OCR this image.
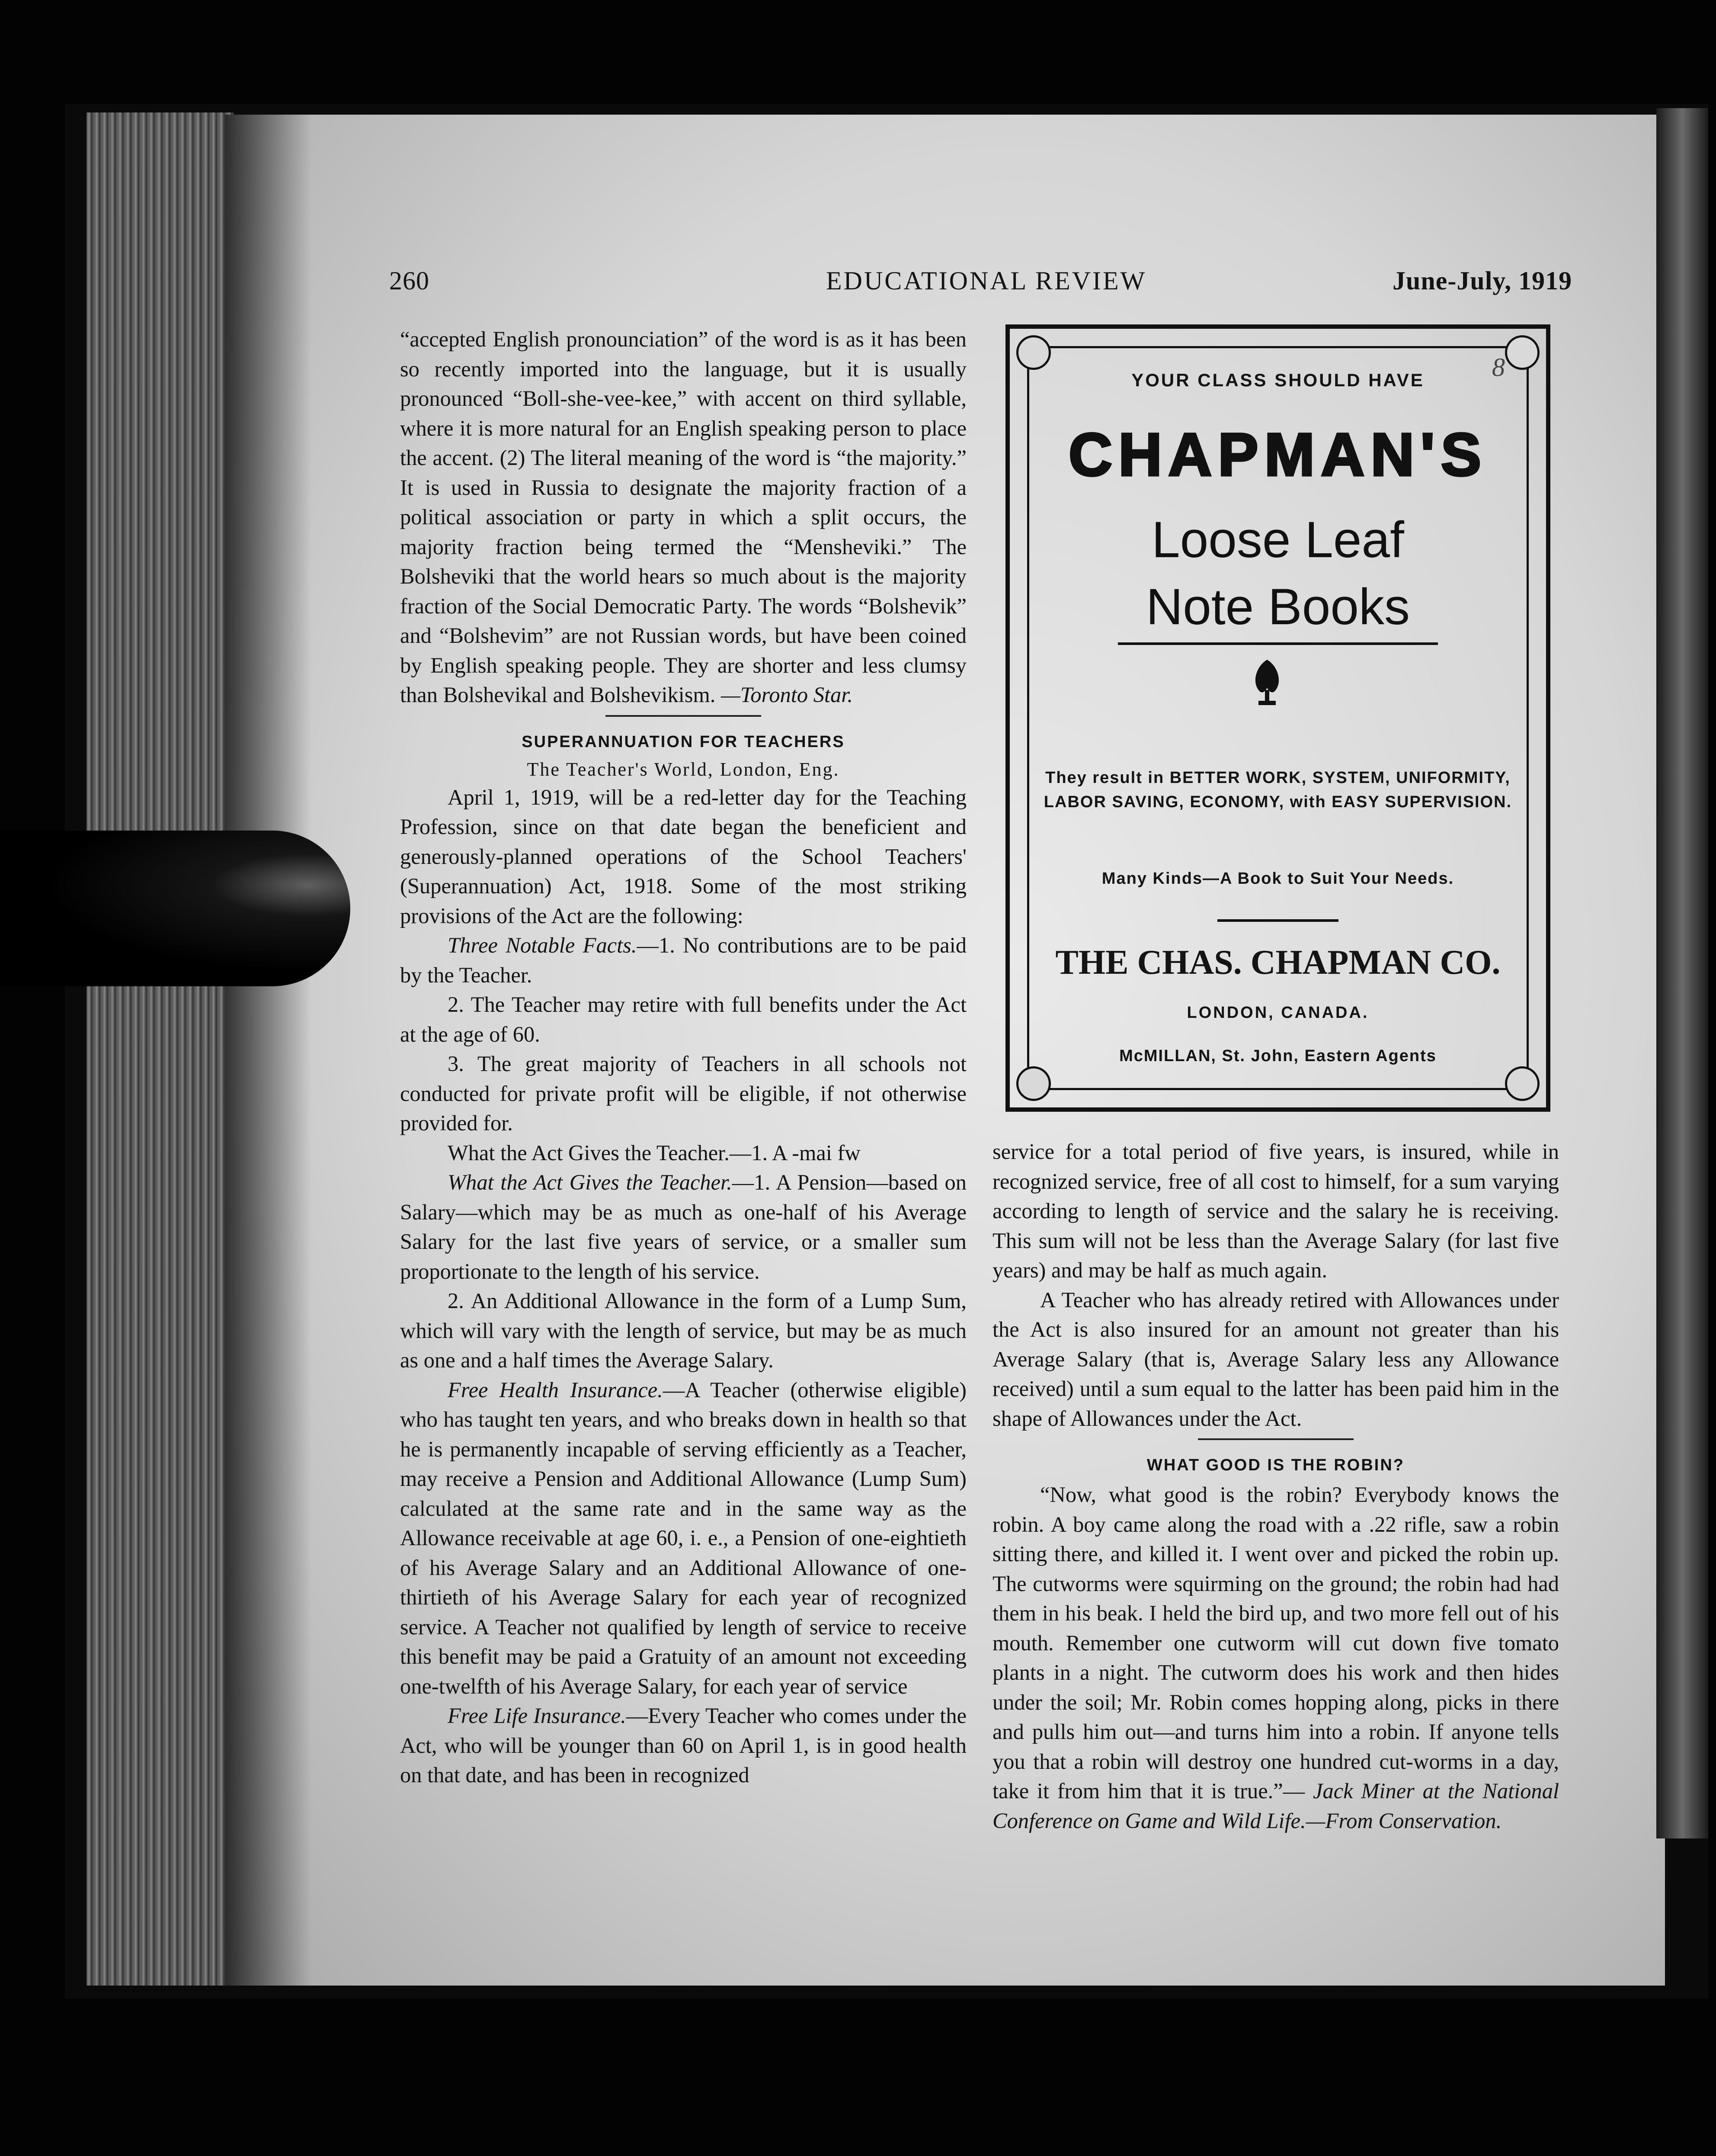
260	EDUCATIONAL REVIEW	June-July, 1919

“accepted English pronounciation” of the word is as it has been so recently imported into the language, but it is usually pronounced “Boll-she-vee-kee,” with accent on third syllable, where it is more natural for an English speaking person to place the accent. (2) The literal meaning of the word is “the majority.” It is used in Russia to designate the majority fraction of a political association or party in which a split occurs, the majority fraction being termed the “Mensheviki.” The Bolsheviki that the world hears so much about is the majority fraction of the Social Democratic Party. The words “Bolshevik” and “Bolshevim” are not Russian words, but have been coined by English speaking people. They are shorter and less clumsy than Bolshevikal and Bolshevikism. —Toronto Star.

SUPERANNUATION FOR TEACHERS
The Teacher's World, London, Eng.

April 1, 1919, will be a red-letter day for the Teaching Profession, since on that date began the beneficient and generously-planned operations of the School Teachers' (Superannuation) Act, 1918. Some of the most striking provisions of the Act are the following:

Three Notable Facts.—1. No contributions are to be paid by the Teacher.

2. The Teacher may retire with full benefits under the Act at the age of 60.

3. The great majority of Teachers in all schools not conducted for private profit will be eligible, if not otherwise provided for.

What the Act Gives the Teacher.—1. A -mai fw

What the Act Gives the Teacher.—1. A Pension—based on Salary—which may be as much as one-half of his Average Salary for the last five years of service, or a smaller sum proportionate to the length of his service.

2. An Additional Allowance in the form of a Lump Sum, which will vary with the length of service, but may be as much as one and a half times the Average Salary.

Free Health Insurance.—A Teacher (otherwise eligible) who has taught ten years, and who breaks down in health so that he is permanently incapable of serving efficiently as a Teacher, may receive a Pension and Additional Allowance (Lump Sum) calculated at the same rate and in the same way as the Allowance receivable at age 60, i. e., a Pension of one-eightieth of his Average Salary and an Additional Allowance of one-thirtieth of his Average Salary for each year of recognized service. A Teacher not qualified by length of service to receive this benefit may be paid a Gratuity of an amount not exceeding one-twelfth of his Average Salary, for each year of service

Free Life Insurance.—Every Teacher who comes under the Act, who will be younger than 60 on April 1, is in good health on that date, and has been in recognized

8
YOUR CLASS SHOULD HAVE
CHAPMAN'S
Loose Leaf
Note Books
They result in BETTER WORK, SYSTEM, UNIFORMITY, LABOR SAVING, ECONOMY, with EASY SUPERVISION.
Many Kinds—A Book to Suit Your Needs.
THE CHAS. CHAPMAN CO.
LONDON, CANADA.
McMILLAN, St. John, Eastern Agents

service for a total period of five years, is insured, while in recognized service, free of all cost to himself, for a sum varying according to length of service and the salary he is receiving. This sum will not be less than the Average Salary (for last five years) and may be half as much again.

A Teacher who has already retired with Allowances under the Act is also insured for an amount not greater than his Average Salary (that is, Average Salary less any Allowance received) until a sum equal to the latter has been paid him in the shape of Allowances under the Act.

WHAT GOOD IS THE ROBIN?

“Now, what good is the robin? Everybody knows the robin. A boy came along the road with a .22 rifle, saw a robin sitting there, and killed it. I went over and picked the robin up. The cutworms were squirming on the ground; the robin had had them in his beak. I held the bird up, and two more fell out of his mouth. Remember one cutworm will cut down five tomato plants in a night. The cutworm does his work and then hides under the soil; Mr. Robin comes hopping along, picks in there and pulls him out—and turns him into a robin. If anyone tells you that a robin will destroy one hundred cut-worms in a day, take it from him that it is true.”— Jack Miner at the National Conference on Game and Wild Life.—From Conservation.
